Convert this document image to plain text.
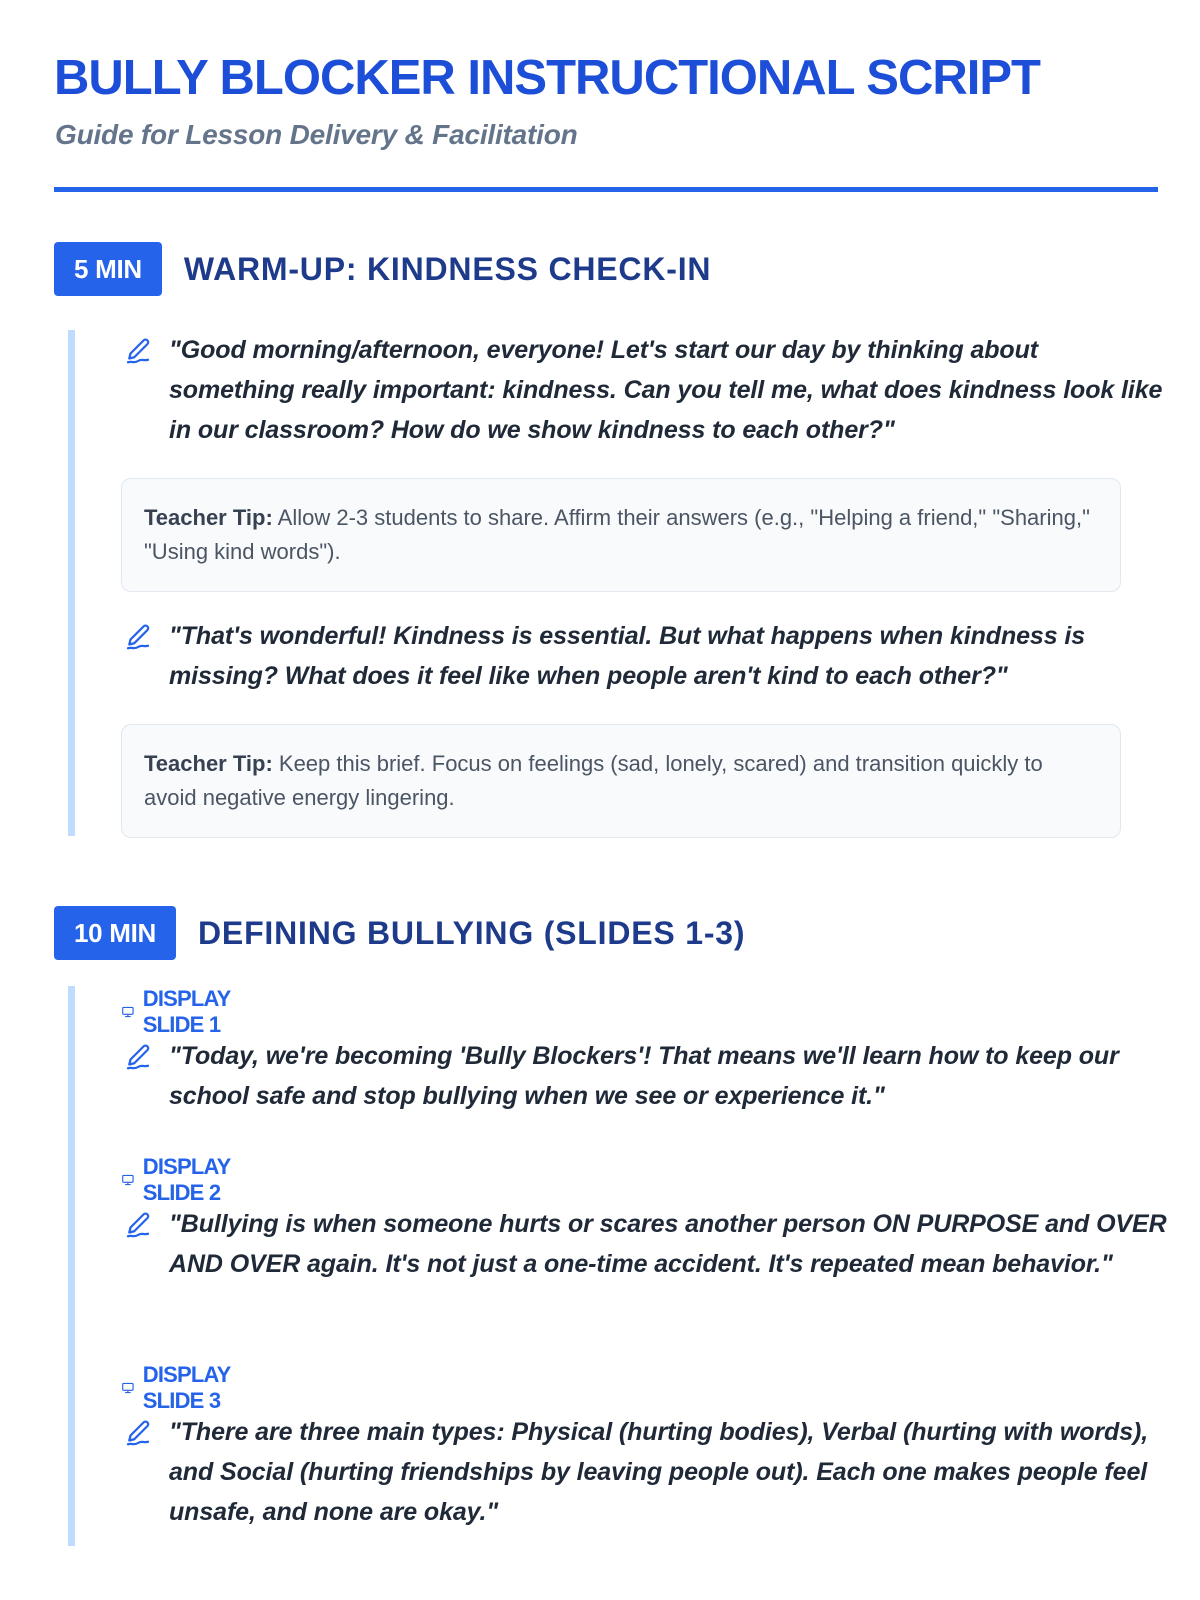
BULLY BLOCKER INSTRUCTIONAL SCRIPT

Guide for Lesson Delivery & Facilitation

5 MIN	WARM-UP: KINDNESS CHECK-IN
"Good morning/afternoon, everyone! Let's start our day by thinking about something really important: kindness. Can you tell me, what does kindness look like in our classroom? How do we show kindness to each other?"
Teacher Tip: Allow 2-3 students to share. Affirm their answers (e.g., "Helping a friend," "Sharing," "Using kind words").
"That's wonderful! Kindness is essential. But what happens when kindness is missing? What does it feel like when people aren't kind to each other?"
Teacher Tip: Keep this brief. Focus on feelings (sad, lonely, scared) and transition quickly to avoid negative energy lingering.
10 MIN	DEFINING BULLYING (SLIDES 1-3)
DISPLAY SLIDE 1
"Today, we're becoming 'Bully Blockers'! That means we'll learn how to keep our school safe and stop bullying when we see or experience it."
DISPLAY SLIDE 2
"Bullying is when someone hurts or scares another person ON PURPOSE and OVER AND OVER again. It's not just a one-time accident. It's repeated mean behavior."
DISPLAY SLIDE 3
"There are three main types: Physical (hurting bodies), Verbal (hurting with words), and Social (hurting friendships by leaving people out). Each one makes people feel unsafe, and none are okay."
